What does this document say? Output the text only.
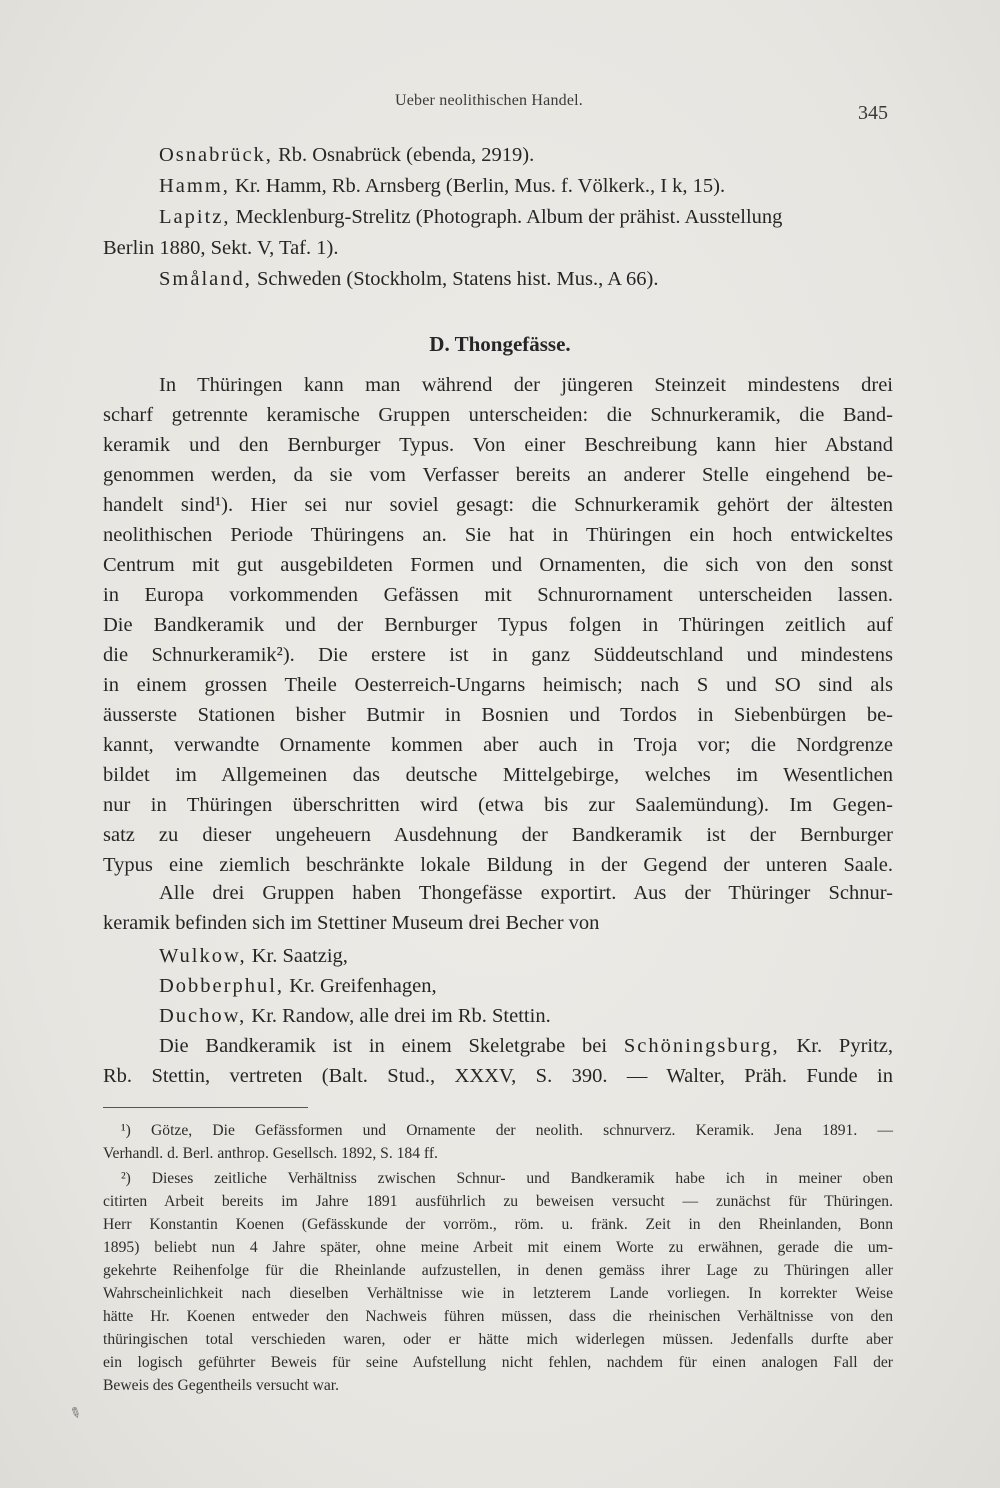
Ueber neolithischen Handel.
345
Osnabrück, Rb. Osnabrück (ebenda, 2919).
Hamm, Kr. Hamm, Rb. Arnsberg (Berlin, Mus. f. Völkerk., I k, 15).
Lapitz, Mecklenburg-Strelitz (Photograph. Album der prähist. Ausstellung
Berlin 1880, Sekt. V, Taf. 1).
Småland, Schweden (Stockholm, Statens hist. Mus., A 66).
D. Thongefässe.
In Thüringen kann man während der jüngeren Steinzeit mindestens drei
scharf getrennte keramische Gruppen unterscheiden: die Schnurkeramik, die Band-
keramik und den Bernburger Typus. Von einer Beschreibung kann hier Abstand
genommen werden, da sie vom Verfasser bereits an anderer Stelle eingehend be-
handelt sind¹). Hier sei nur soviel gesagt: die Schnurkeramik gehört der ältesten
neolithischen Periode Thüringens an. Sie hat in Thüringen ein hoch entwickeltes
Centrum mit gut ausgebildeten Formen und Ornamenten, die sich von den sonst
in Europa vorkommenden Gefässen mit Schnurornament unterscheiden lassen.
Die Bandkeramik und der Bernburger Typus folgen in Thüringen zeitlich auf
die Schnurkeramik²). Die erstere ist in ganz Süddeutschland und mindestens
in einem grossen Theile Oesterreich-Ungarns heimisch; nach S und SO sind als
äusserste Stationen bisher Butmir in Bosnien und Tordos in Siebenbürgen be-
kannt, verwandte Ornamente kommen aber auch in Troja vor; die Nordgrenze
bildet im Allgemeinen das deutsche Mittelgebirge, welches im Wesentlichen
nur in Thüringen überschritten wird (etwa bis zur Saalemündung). Im Gegen-
satz zu dieser ungeheuern Ausdehnung der Bandkeramik ist der Bernburger
Typus eine ziemlich beschränkte lokale Bildung in der Gegend der unteren Saale.
Alle drei Gruppen haben Thongefässe exportirt. Aus der Thüringer Schnur-
keramik befinden sich im Stettiner Museum drei Becher von
Wulkow, Kr. Saatzig,
Dobberphul, Kr. Greifenhagen,
Duchow, Kr. Randow, alle drei im Rb. Stettin.
Die Bandkeramik ist in einem Skeletgrabe bei Schöningsburg, Kr. Pyritz,
Rb. Stettin, vertreten (Balt. Stud., XXXV, S. 390. — Walter, Präh. Funde in
¹) Götze, Die Gefässformen und Ornamente der neolith. schnurverz. Keramik. Jena 1891. —
Verhandl. d. Berl. anthrop. Gesellsch. 1892, S. 184 ff.
²) Dieses zeitliche Verhältniss zwischen Schnur- und Bandkeramik habe ich in meiner oben
citirten Arbeit bereits im Jahre 1891 ausführlich zu beweisen versucht — zunächst für Thüringen.
Herr Konstantin Koenen (Gefässkunde der vorröm., röm. u. fränk. Zeit in den Rheinlanden, Bonn
1895) beliebt nun 4 Jahre später, ohne meine Arbeit mit einem Worte zu erwähnen, gerade die um-
gekehrte Reihenfolge für die Rheinlande aufzustellen, in denen gemäss ihrer Lage zu Thüringen aller
Wahrscheinlichkeit nach dieselben Verhältnisse wie in letzterem Lande vorliegen. In korrekter Weise
hätte Hr. Koenen entweder den Nachweis führen müssen, dass die rheinischen Verhältnisse von den
thüringischen total verschieden waren, oder er hätte mich widerlegen müssen. Jedenfalls durfte aber
ein logisch geführter Beweis für seine Aufstellung nicht fehlen, nachdem für einen analogen Fall der
Beweis des Gegentheils versucht war.
✎
